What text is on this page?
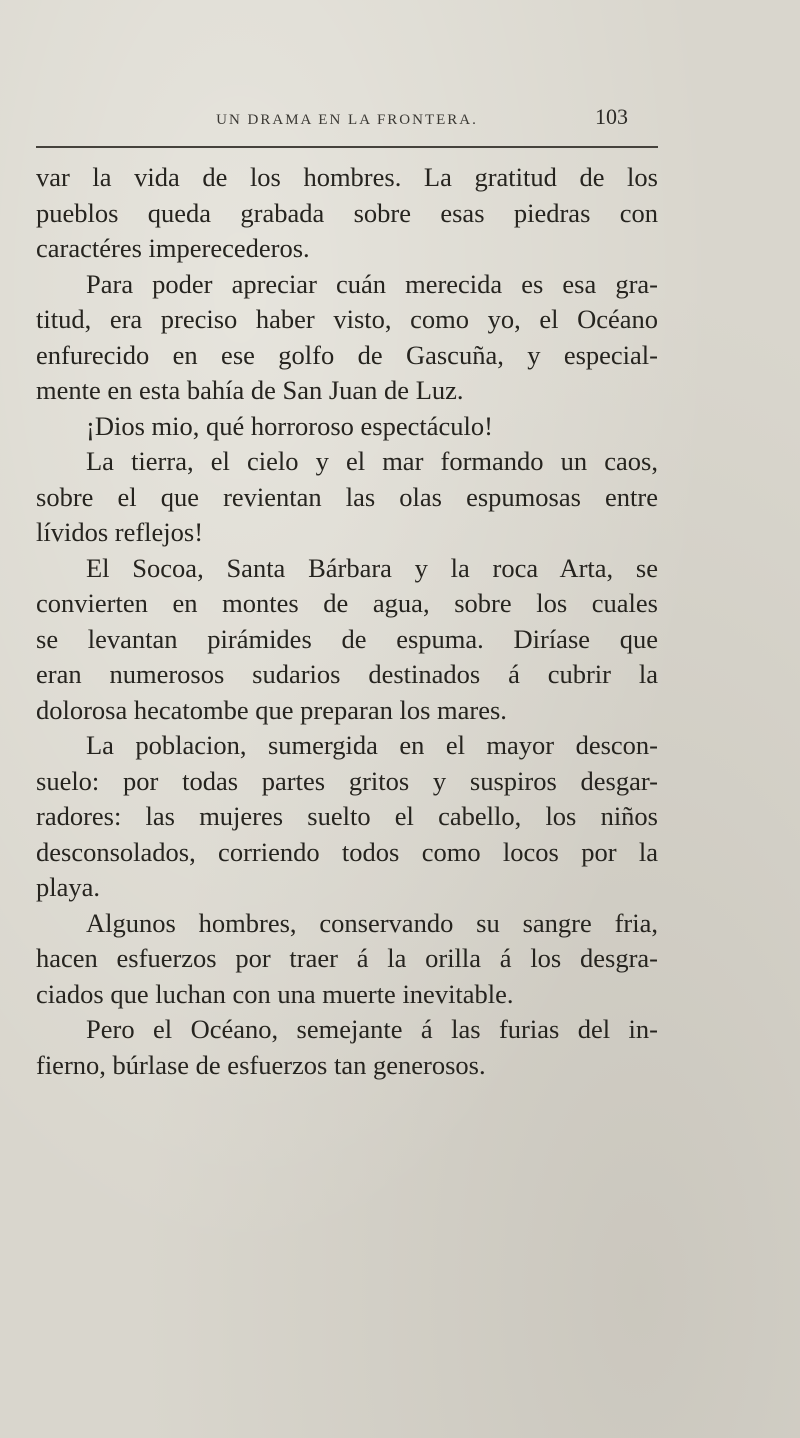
UN DRAMA EN LA FRONTERA.	103
var la vida de los hombres. La gratitud de los
pueblos queda grabada sobre esas piedras con
caractéres imperecederos.
Para poder apreciar cuán merecida es esa gra-
titud, era preciso haber visto, como yo, el Océano
enfurecido en ese golfo de Gascuña, y especial-
mente en esta bahía de San Juan de Luz.
¡Dios mio, qué horroroso espectáculo!
La tierra, el cielo y el mar formando un caos,
sobre el que revientan las olas espumosas entre
lívidos reflejos!
El Socoa, Santa Bárbara y la roca Arta, se
convierten en montes de agua, sobre los cuales
se levantan pirámides de espuma. Diríase que
eran numerosos sudarios destinados á cubrir la
dolorosa hecatombe que preparan los mares.
La poblacion, sumergida en el mayor descon-
suelo: por todas partes gritos y suspiros desgar-
radores: las mujeres suelto el cabello, los niños
desconsolados, corriendo todos como locos por la
playa.
Algunos hombres, conservando su sangre fria,
hacen esfuerzos por traer á la orilla á los desgra-
ciados que luchan con una muerte inevitable.
Pero el Océano, semejante á las furias del in-
fierno, búrlase de esfuerzos tan generosos.
